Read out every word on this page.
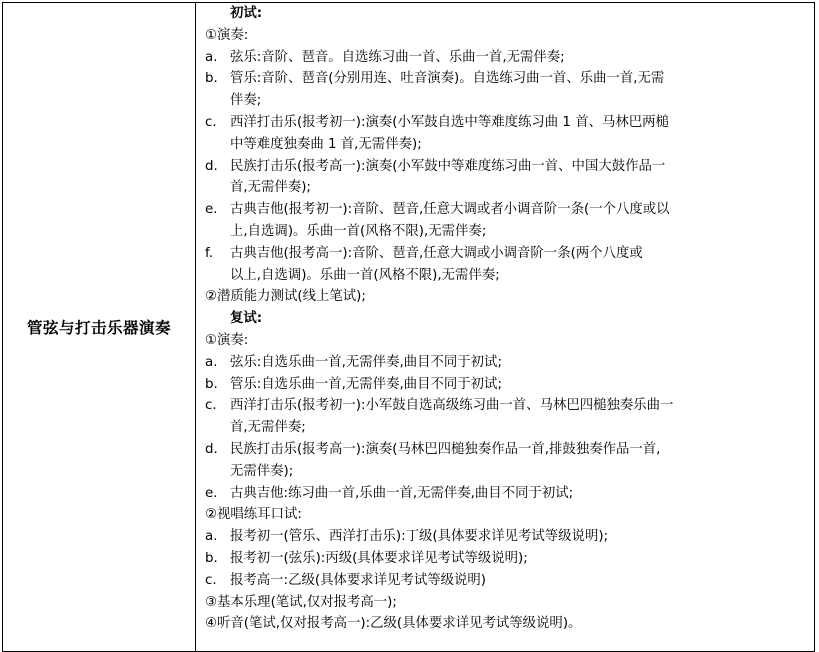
管弦与打击乐器演奏	
初试:
①演奏:
a. 弦乐:音阶、琶音。自选练习曲一首、乐曲一首,无需伴奏;
b. 管乐:音阶、琶音(分别用连、吐音演奏)。自选练习曲一首、乐曲一首,无需
伴奏;
c. 西洋打击乐(报考初一):演奏(小军鼓自选中等难度练习曲 1 首、马林巴两槌
中等难度独奏曲 1 首,无需伴奏);
d. 民族打击乐(报考高一):演奏(小军鼓中等难度练习曲一首、中国大鼓作品一
首,无需伴奏);
e. 古典吉他(报考初一):音阶、琶音,任意大调或者小调音阶一条(一个八度或以
上,自选调)。乐曲一首(风格不限),无需伴奏;
f.	古典吉他(报考高一):音阶、琶音,任意大调或小调音阶一条(两个八度或
以上,自选调)。乐曲一首(风格不限),无需伴奏;
②潜质能力测试(线上笔试);
复试:
①演奏:
a. 弦乐:自选乐曲一首,无需伴奏,曲目不同于初试;
b. 管乐:自选乐曲一首,无需伴奏,曲目不同于初试;
c. 西洋打击乐(报考初一):小军鼓自选高级练习曲一首、马林巴四槌独奏乐曲一
首,无需伴奏;
d. 民族打击乐(报考高一):演奏(马林巴四槌独奏作品一首,排鼓独奏作品一首,
无需伴奏);
e. 古典吉他:练习曲一首,乐曲一首,无需伴奏,曲目不同于初试;
②视唱练耳口试:
a. 报考初一(管乐、西洋打击乐):丁级(具体要求详见考试等级说明);
b. 报考初一(弦乐):丙级(具体要求详见考试等级说明);
c. 报考高一:乙级(具体要求详见考试等级说明)
③基本乐理(笔试,仅对报考高一);
④听音(笔试,仅对报考高一):乙级(具体要求详见考试等级说明)。
